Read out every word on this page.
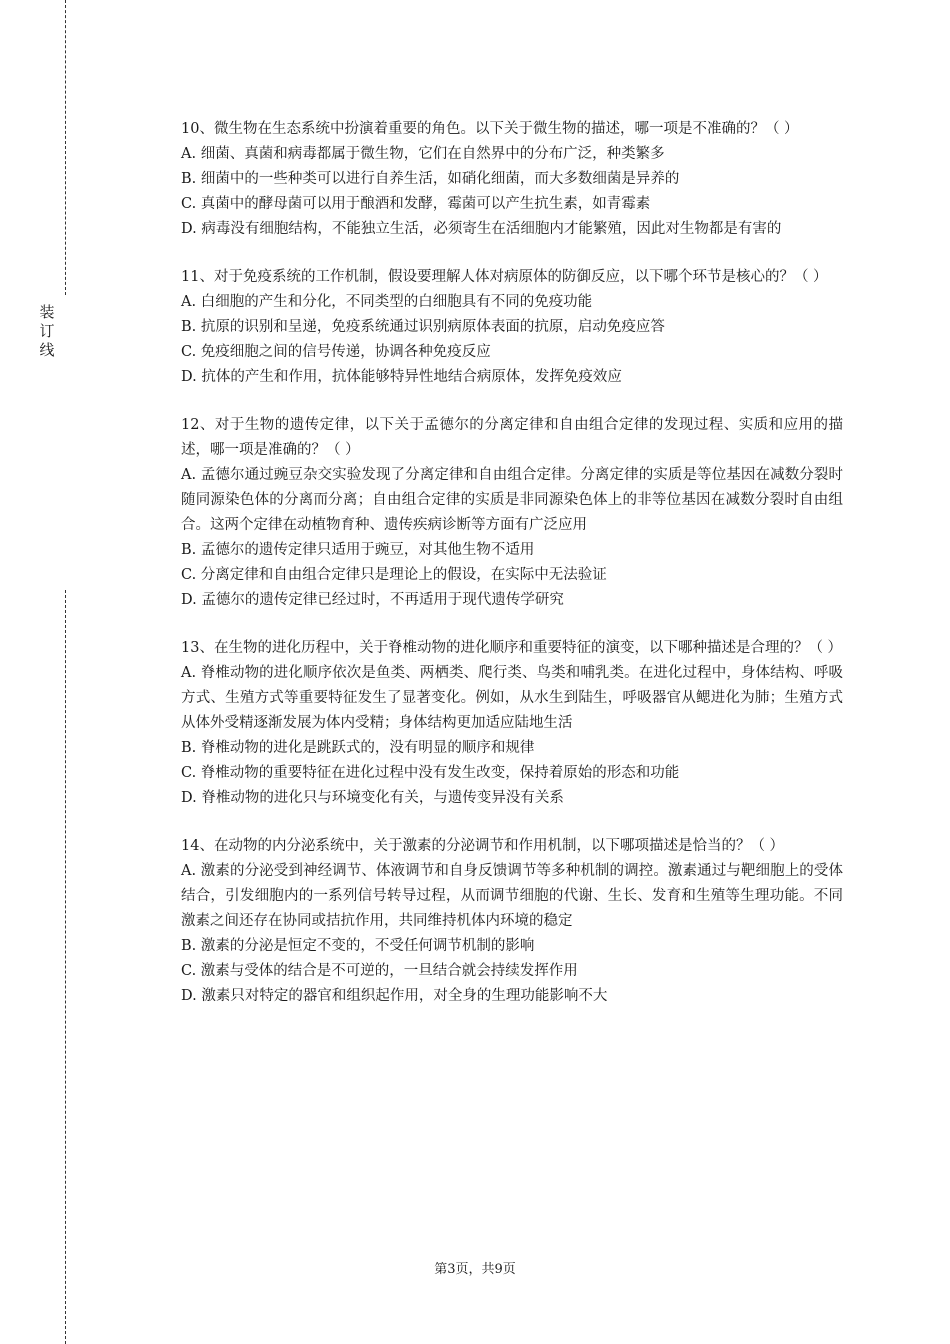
装
订
线

10、微生物在生态系统中扮演着重要的角色。以下关于微生物的描述，哪一项是不准确的？（ ）

A. 细菌、真菌和病毒都属于微生物，它们在自然界中的分布广泛，种类繁多

B. 细菌中的一些种类可以进行自养生活，如硝化细菌，而大多数细菌是异养的

C. 真菌中的酵母菌可以用于酿酒和发酵，霉菌可以产生抗生素，如青霉素

D. 病毒没有细胞结构，不能独立生活，必须寄生在活细胞内才能繁殖，因此对生物都是有害的

11、对于免疫系统的工作机制，假设要理解人体对病原体的防御反应，以下哪个环节是核心的？（ ）

A. 白细胞的产生和分化，不同类型的白细胞具有不同的免疫功能

B. 抗原的识别和呈递，免疫系统通过识别病原体表面的抗原，启动免疫应答

C. 免疫细胞之间的信号传递，协调各种免疫反应

D. 抗体的产生和作用，抗体能够特异性地结合病原体，发挥免疫效应

12、对于生物的遗传定律，以下关于孟德尔的分离定律和自由组合定律的发现过程、实质和应用的描述，哪一项是准确的？（ ）

A. 孟德尔通过豌豆杂交实验发现了分离定律和自由组合定律。分离定律的实质是等位基因在减数分裂时随同源染色体的分离而分离；自由组合定律的实质是非同源染色体上的非等位基因在减数分裂时自由组合。这两个定律在动植物育种、遗传疾病诊断等方面有广泛应用

B. 孟德尔的遗传定律只适用于豌豆，对其他生物不适用

C. 分离定律和自由组合定律只是理论上的假设，在实际中无法验证

D. 孟德尔的遗传定律已经过时，不再适用于现代遗传学研究

13、在生物的进化历程中，关于脊椎动物的进化顺序和重要特征的演变，以下哪种描述是合理的？（ ）

A. 脊椎动物的进化顺序依次是鱼类、两栖类、爬行类、鸟类和哺乳类。在进化过程中，身体结构、呼吸方式、生殖方式等重要特征发生了显著变化。例如，从水生到陆生，呼吸器官从鳃进化为肺；生殖方式从体外受精逐渐发展为体内受精；身体结构更加适应陆地生活

B. 脊椎动物的进化是跳跃式的，没有明显的顺序和规律

C. 脊椎动物的重要特征在进化过程中没有发生改变，保持着原始的形态和功能

D. 脊椎动物的进化只与环境变化有关，与遗传变异没有关系

14、在动物的内分泌系统中，关于激素的分泌调节和作用机制，以下哪项描述是恰当的？（ ）

A. 激素的分泌受到神经调节、体液调节和自身反馈调节等多种机制的调控。激素通过与靶细胞上的受体结合，引发细胞内的一系列信号转导过程，从而调节细胞的代谢、生长、发育和生殖等生理功能。不同激素之间还存在协同或拮抗作用，共同维持机体内环境的稳定

B. 激素的分泌是恒定不变的，不受任何调节机制的影响

C. 激素与受体的结合是不可逆的，一旦结合就会持续发挥作用

D. 激素只对特定的器官和组织起作用，对全身的生理功能影响不大

第3页，共9页
